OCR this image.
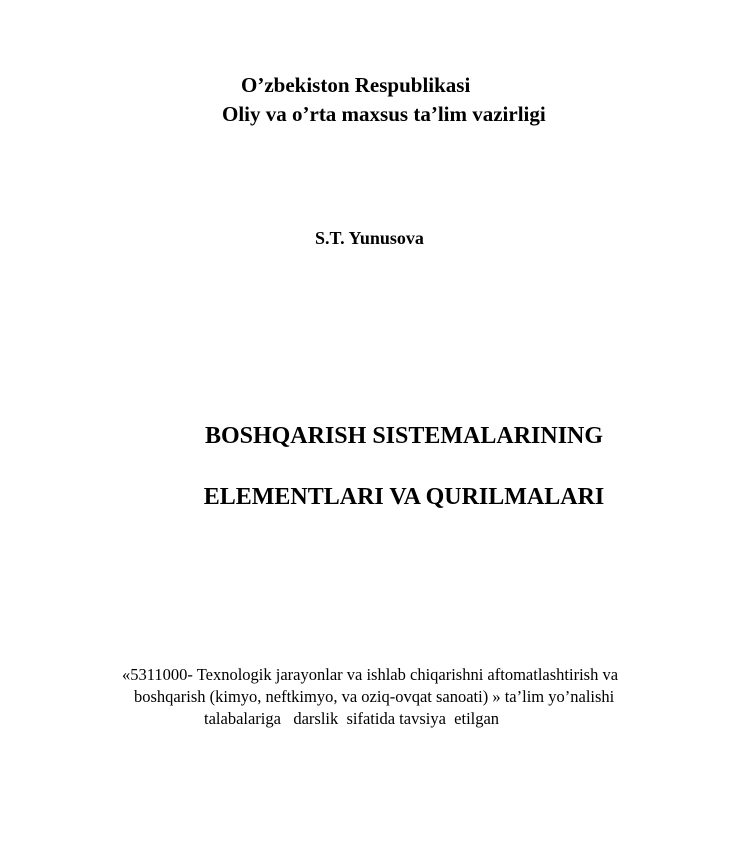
O’zbekiston Respublikasi

Oliy va o’rta maxsus ta’lim vazirligi

S.T. Yunusova

BOSHQARISH SISTEMALARINING

ELEMENTLARI VA QURILMALARI

«5311000- Texnologik jarayonlar va ishlab chiqarishni aftomatlashtirish va

boshqarish (kimyo, neftkimyo, va oziq-ovqat sanoati) » ta’lim yo’nalishi

talabalariga   darslik  sifatida tavsiya  etilgan
